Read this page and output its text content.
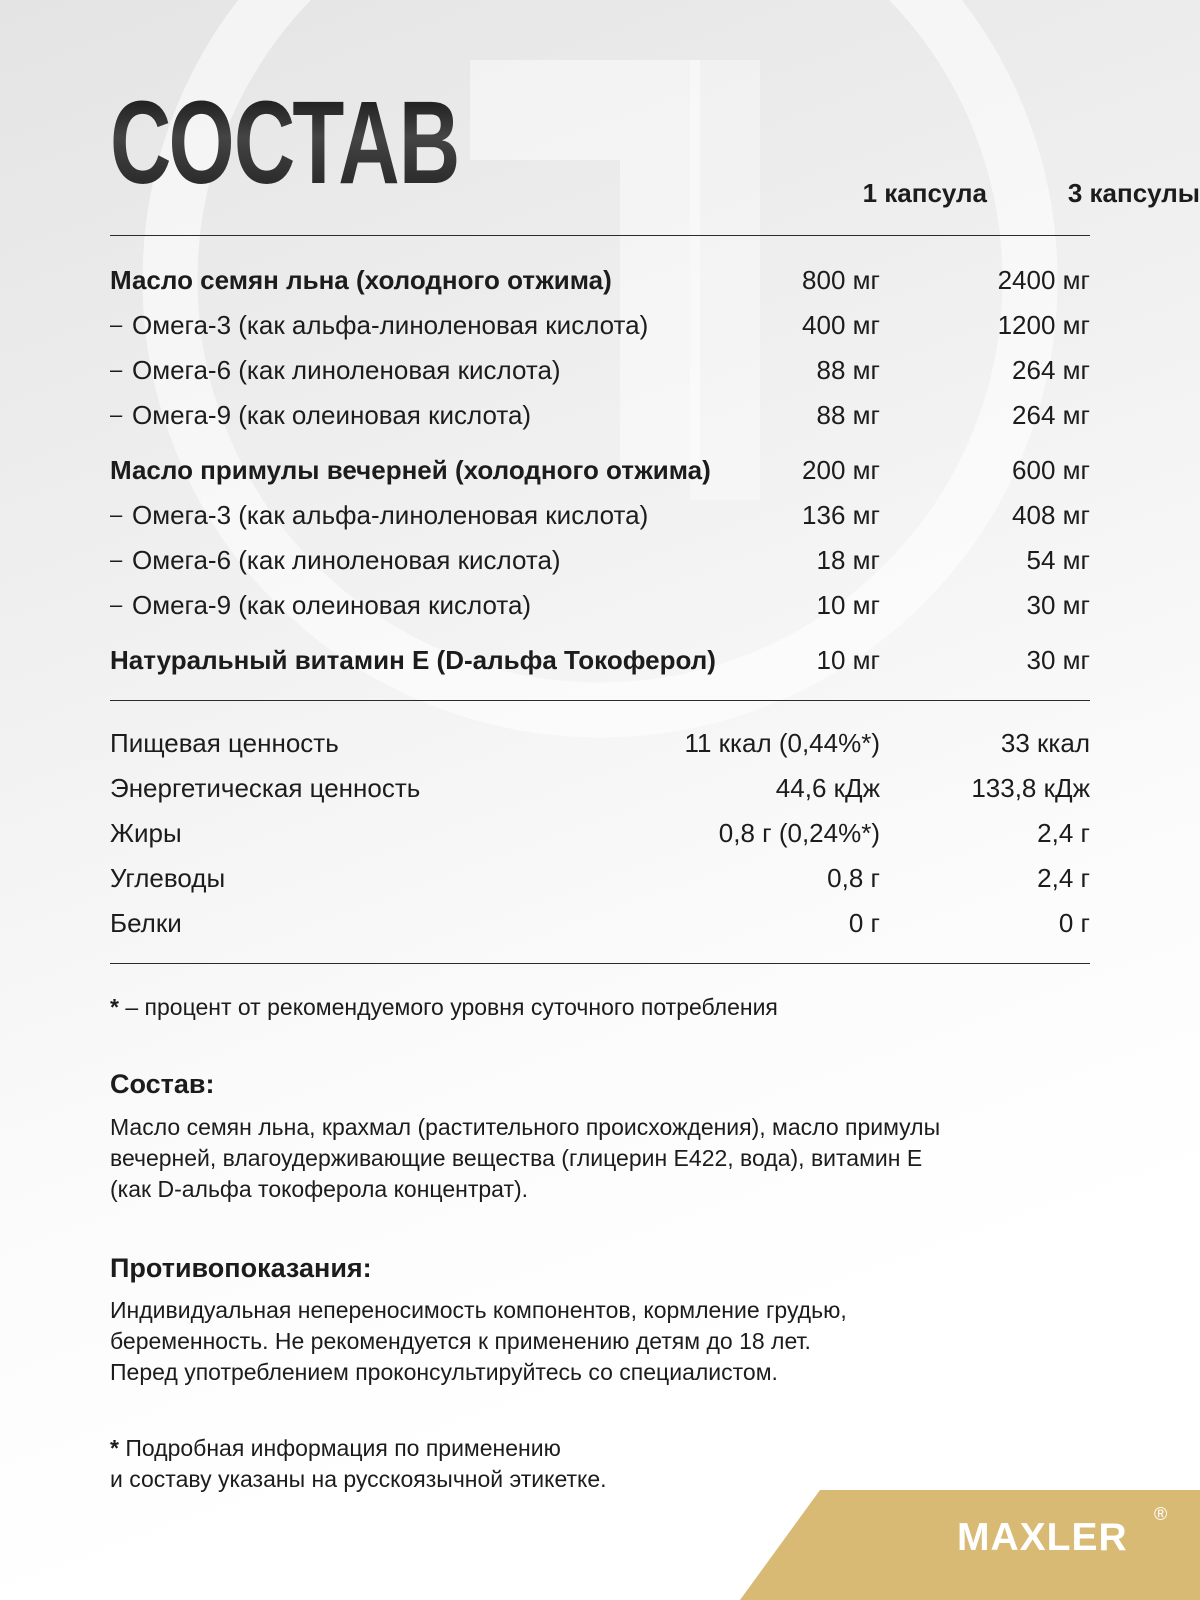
СОСТАВ	1 капсула	3 капсулы
Масло семян льна (холодного отжима)	800 мг	2400 мг
– Омега-3 (как альфа-линоленовая кислота)	400 мг	1200 мг
– Омега-6 (как линоленовая кислота)	88 мг	264 мг
– Омега-9 (как олеиновая кислота)	88 мг	264 мг
Масло примулы вечерней (холодного отжима)	200 мг	600 мг
– Омега-3 (как альфа-линоленовая кислота)	136 мг	408 мг
– Омега-6 (как линоленовая кислота)	18 мг	54 мг
– Омега-9 (как олеиновая кислота)	10 мг	30 мг
Натуральный витамин E (D-альфа Токоферол)	10 мг	30 мг
Пищевая ценность	11 ккал (0,44%*)	33 ккал
Энергетическая ценность	44,6 кДж	133,8 кДж
Жиры	0,8 г (0,24%*)	2,4 г
Углеводы	0,8 г	2,4 г
Белки	0 г	0 г
* – процент от рекомендуемого уровня суточного потребления
Состав:
Масло семян льна, крахмал (растительного происхождения), масло примулы
вечерней, влагоудерживающие вещества (глицерин E422, вода), витамин E
(как D-альфа токоферола концентрат).
Противопоказания:
Индивидуальная непереносимость компонентов, кормление грудью,
беременность. Не рекомендуется к применению детям до 18 лет.
Перед употреблением проконсультируйтесь со специалистом.
* Подробная информация по применению
и составу указаны на русскоязычной этикетке.
MAXLER
®
